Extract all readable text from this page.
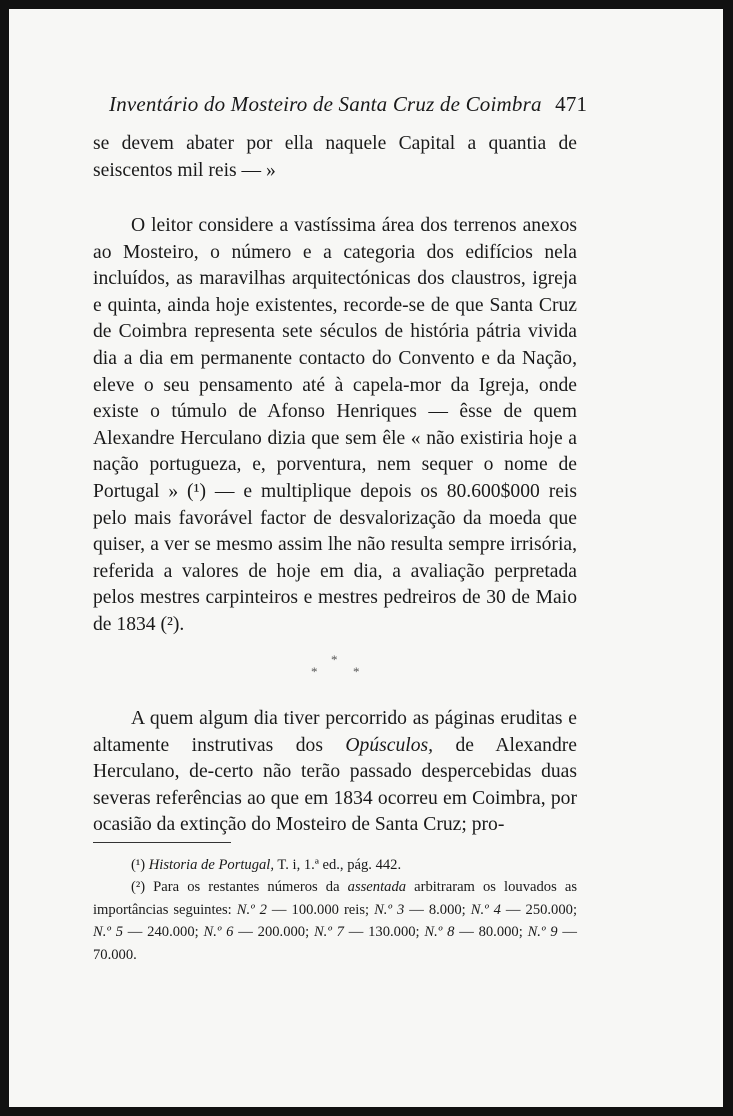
Inventário do Mosteiro de Santa Cruz de Coimbra 471

se devem abater por ella naquele Capital a quantia de seiscentos mil reis — »

O leitor considere a vastíssima área dos terrenos anexos ao Mosteiro, o número e a categoria dos edifícios nela incluídos, as maravilhas arquitectónicas dos claustros, igreja e quinta, ainda hoje existentes, recorde-se de que Santa Cruz de Coimbra representa sete séculos de história pátria vivida dia a dia em permanente contacto do Convento e da Nação, eleve o seu pensamento até à capela-mor da Igreja, onde existe o túmulo de Afonso Henriques — êsse de quem Alexandre Herculano dizia que sem êle « não existiria hoje a nação portugueza, e, porventura, nem sequer o nome de Portugal » (¹) — e multiplique depois os 80.600$000 reis pelo mais favorável factor de desvalorização da moeda que quiser, a ver se mesmo assim lhe não resulta sempre irrisória, referida a valores de hoje em dia, a avaliação perpretada pelos mestres carpinteiros e mestres pedreiros de 30 de Maio de 1834 (²).

*
*	*

A quem algum dia tiver percorrido as páginas eruditas e altamente instrutivas dos Opúsculos, de Alexandre Herculano, de-certo não terão passado despercebidas duas severas referências ao que em 1834 ocorreu em Coimbra, por ocasião da extinção do Mosteiro de Santa Cruz; pro-

(¹) Historia de Portugal, T. i, 1.ª ed., pág. 442.

(²) Para os restantes números da assentada arbitraram os louvados as importâncias seguintes: N.º 2 — 100.000 reis; N.º 3 — 8.000; N.º 4 — 250.000; N.º 5 — 240.000; N.º 6 — 200.000; N.º 7 — 130.000; N.º 8 — 80.000; N.º 9 — 70.000.
